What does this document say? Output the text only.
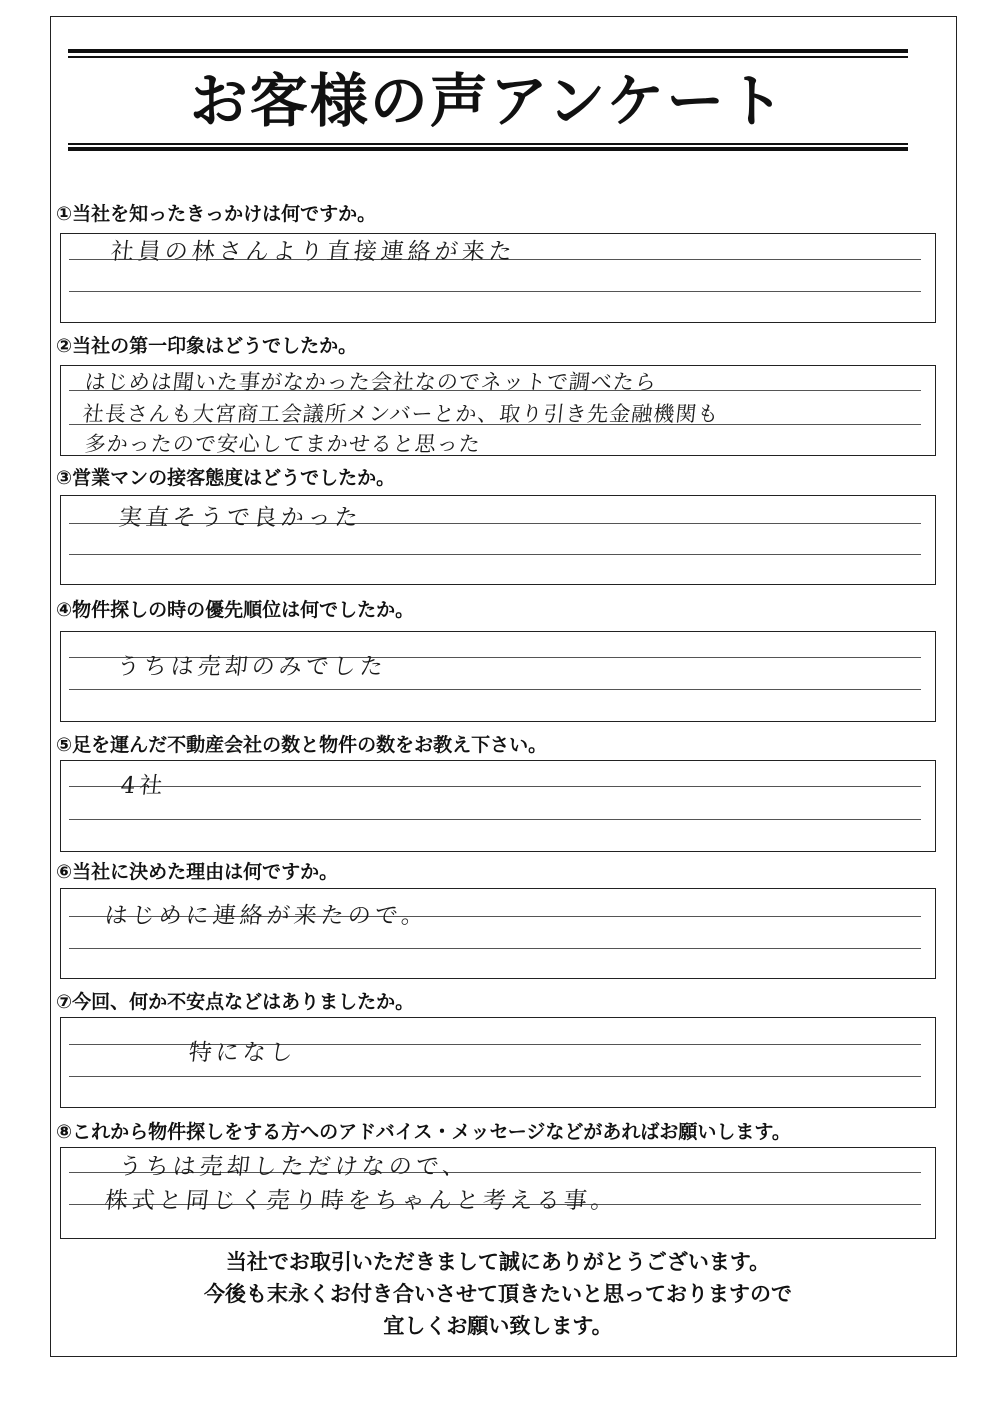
お客様の声アンケート
①当社を知ったきっかけは何ですか。
社員の林さんより直接連絡が来た
②当社の第一印象はどうでしたか。
はじめは聞いた事がなかった会社なのでネットで調べたら
社長さんも大宮商工会議所メンバーとか、取り引き先金融機関も
多かったので安心してまかせると思った
③営業マンの接客態度はどうでしたか。
実直そうで良かった
④物件探しの時の優先順位は何でしたか。
うちは売却のみでした
⑤足を運んだ不動産会社の数と物件の数をお教え下さい。
4社
⑥当社に決めた理由は何ですか。
はじめに連絡が来たので。
⑦今回、何か不安点などはありましたか。
特になし
⑧これから物件探しをする方へのアドバイス・メッセージなどがあればお願いします。
うちは売却しただけなので、
株式と同じく売り時をちゃんと考える事。
当社でお取引いただきまして誠にありがとうございます。
今後も末永くお付き合いさせて頂きたいと思っておりますので
宜しくお願い致します。
